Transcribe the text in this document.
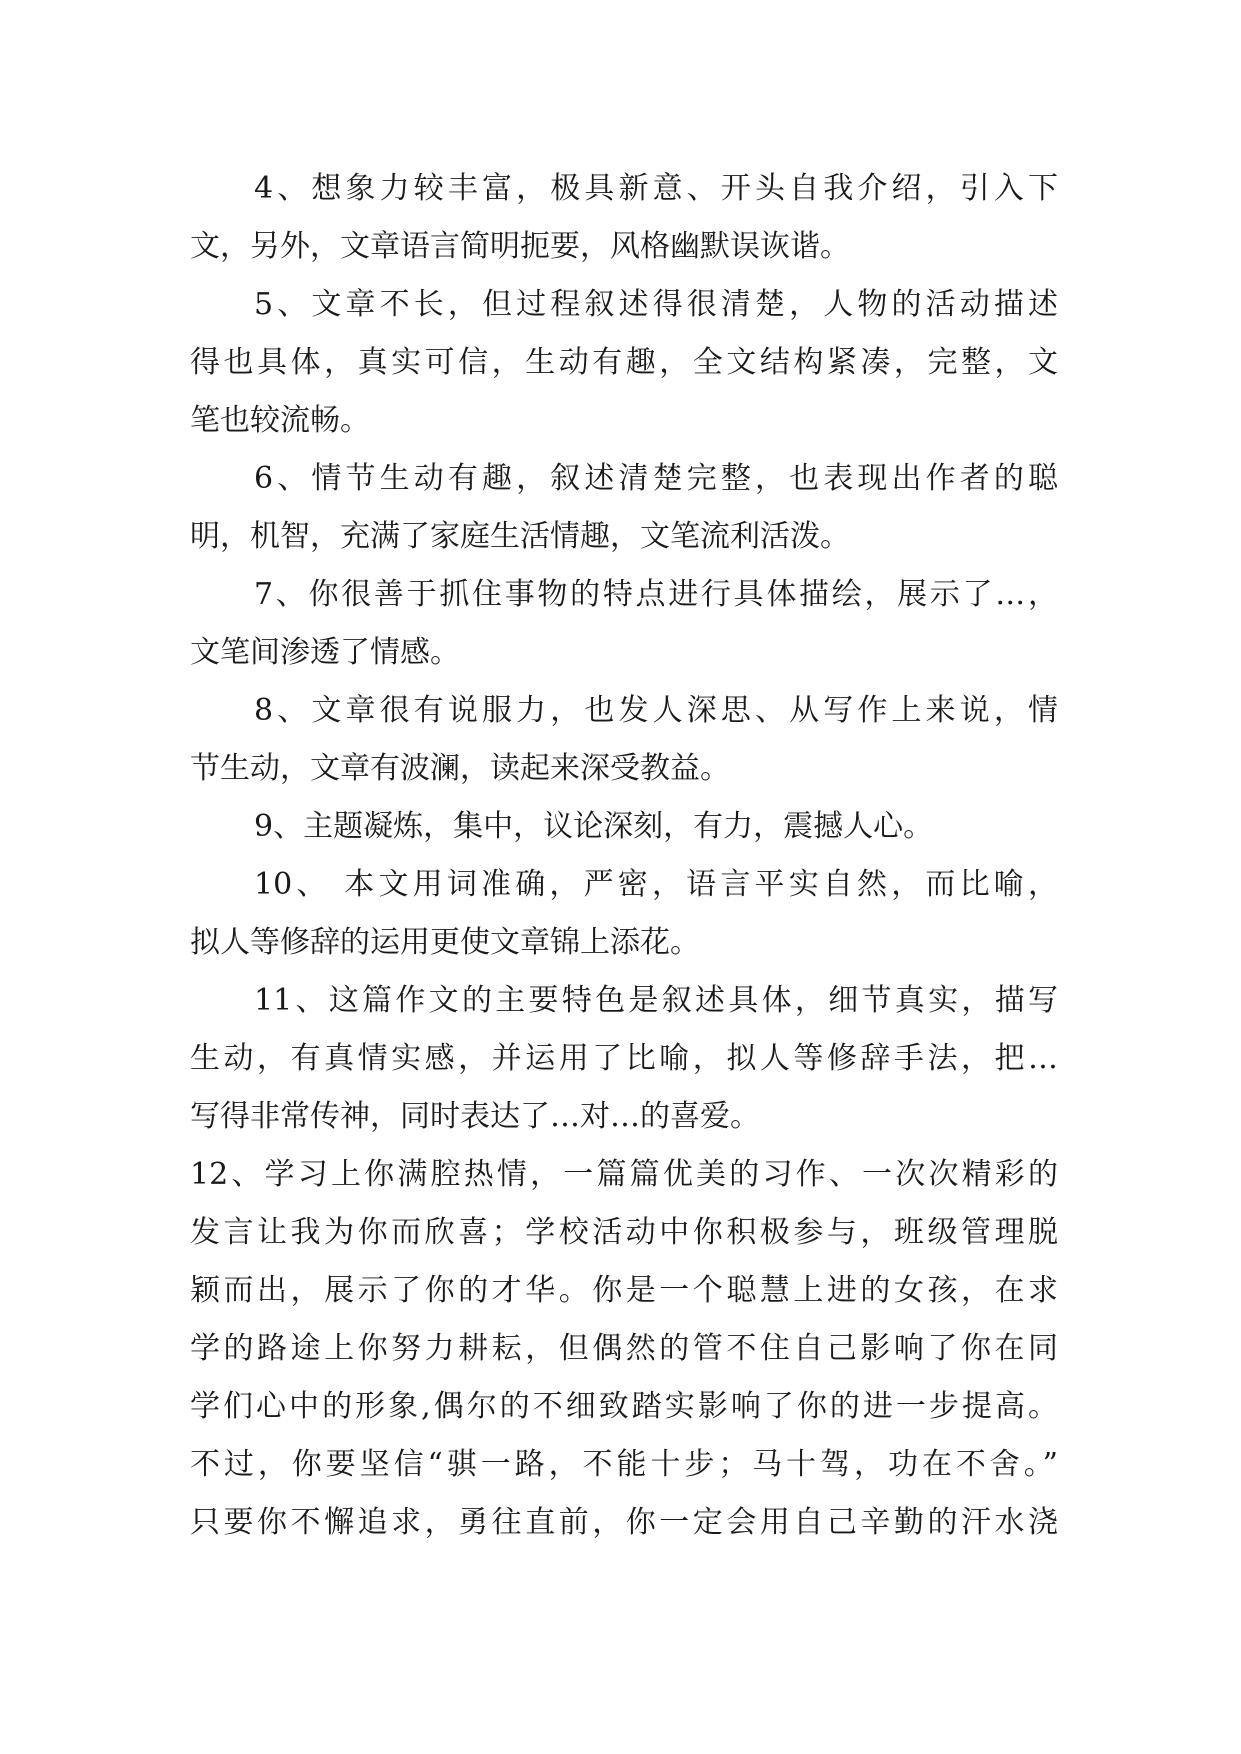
4、想象力较丰富，极具新意、开头自我介绍，引入下
文，另外，文章语言简明扼要，风格幽默误诙谐。
5、文章不长，但过程叙述得很清楚，人物的活动描述
得也具体，真实可信，生动有趣，全文结构紧凑，完整，文
笔也较流畅。
6、情节生动有趣，叙述清楚完整，也表现出作者的聪
明，机智，充满了家庭生活情趣，文笔流利活泼。
7、你很善于抓住事物的特点进行具体描绘，展示了…，
文笔间渗透了情感。
8、文章很有说服力，也发人深思、从写作上来说，情
节生动，文章有波澜，读起来深受教益。
9、主题凝炼，集中，议论深刻，有力，震撼人心。
10、 本文用词准确，严密，语言平实自然，而比喻，
拟人等修辞的运用更使文章锦上添花。
11、这篇作文的主要特色是叙述具体，细节真实，描写
生动，有真情实感，并运用了比喻，拟人等修辞手法，把…
写得非常传神，同时表达了…对…的喜爱。
12、学习上你满腔热情，一篇篇优美的习作、一次次精彩的
发言让我为你而欣喜；学校活动中你积极参与，班级管理脱
颖而出，展示了你的才华。你是一个聪慧上进的女孩，在求
学的路途上你努力耕耘，但偶然的管不住自己影响了你在同
学们心中的形象,偶尔的不细致踏实影响了你的进一步提高。
不过，你要坚信“骐一路，不能十步；马十驾，功在不舍。”
只要你不懈追求，勇往直前，你一定会用自己辛勤的汗水浇
